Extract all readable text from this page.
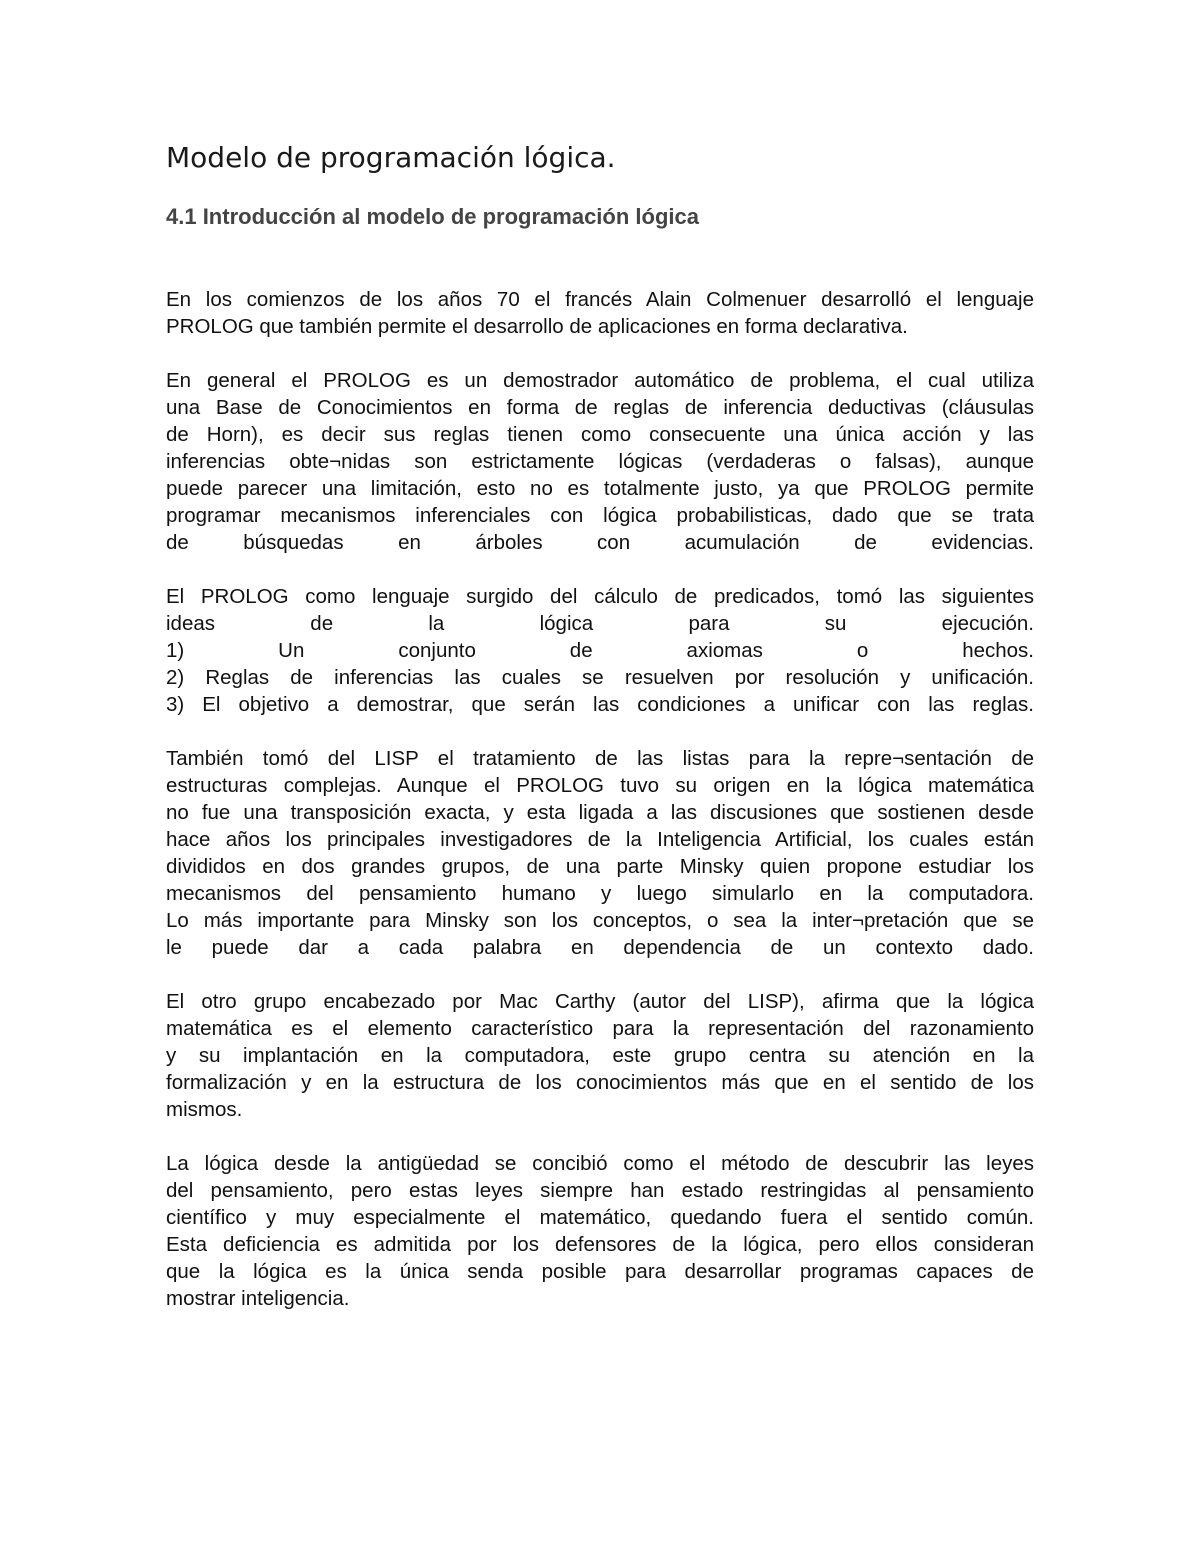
Modelo de programación lógica.
4.1 Introducción al modelo de programación lógica

En los comienzos de los años 70 el francés Alain Colmenuer desarrolló el lenguaje
PROLOG que también permite el desarrollo de aplicaciones en forma declarativa.

En general el PROLOG es un demostrador automático de problema, el cual utiliza
una Base de Conocimientos en forma de reglas de inferencia deductivas (cláusulas
de Horn), es decir sus reglas tienen como consecuente una única acción y las
inferencias obte¬nidas son estrictamente lógicas (verdaderas o falsas), aunque
puede parecer una limitación, esto no es totalmente justo, ya que PROLOG permite
programar mecanismos inferenciales con lógica probabilisticas, dado que se trata
de búsquedas en árboles con acumulación de evidencias.

El PROLOG como lenguaje surgido del cálculo de predicados, tomó las siguientes
ideas de la lógica para su ejecución.
1) Un conjunto de axiomas o hechos.
2) Reglas de inferencias las cuales se resuelven por resolución y unificación.
3) El objetivo a demostrar, que serán las condiciones a unificar con las reglas.

También tomó del LISP el tratamiento de las listas para la repre¬sentación de
estructuras complejas. Aunque el PROLOG tuvo su origen en la lógica matemática
no fue una transposición exacta, y esta ligada a las discusiones que sostienen desde
hace años los principales investigadores de la Inteligencia Artificial, los cuales están
divididos en dos grandes grupos, de una parte Minsky quien propone estudiar los
mecanismos del pensamiento humano y luego simularlo en la computadora.
Lo más importante para Minsky son los conceptos, o sea la inter¬pretación que se
le puede dar a cada palabra en dependencia de un contexto dado.

El otro grupo encabezado por Mac Carthy (autor del LISP), afirma que la lógica
matemática es el elemento característico para la representación del razonamiento
y su implantación en la computadora, este grupo centra su atención en la
formalización y en la estructura de los conocimientos más que en el sentido de los
mismos.

La lógica desde la antigüedad se concibió como el método de descubrir las leyes
del pensamiento, pero estas leyes siempre han estado restringidas al pensamiento
científico y muy especialmente el matemático, quedando fuera el sentido común.
Esta deficiencia es admitida por los defensores de la lógica, pero ellos consideran
que la lógica es la única senda posible para desarrollar programas capaces de
mostrar inteligencia.
